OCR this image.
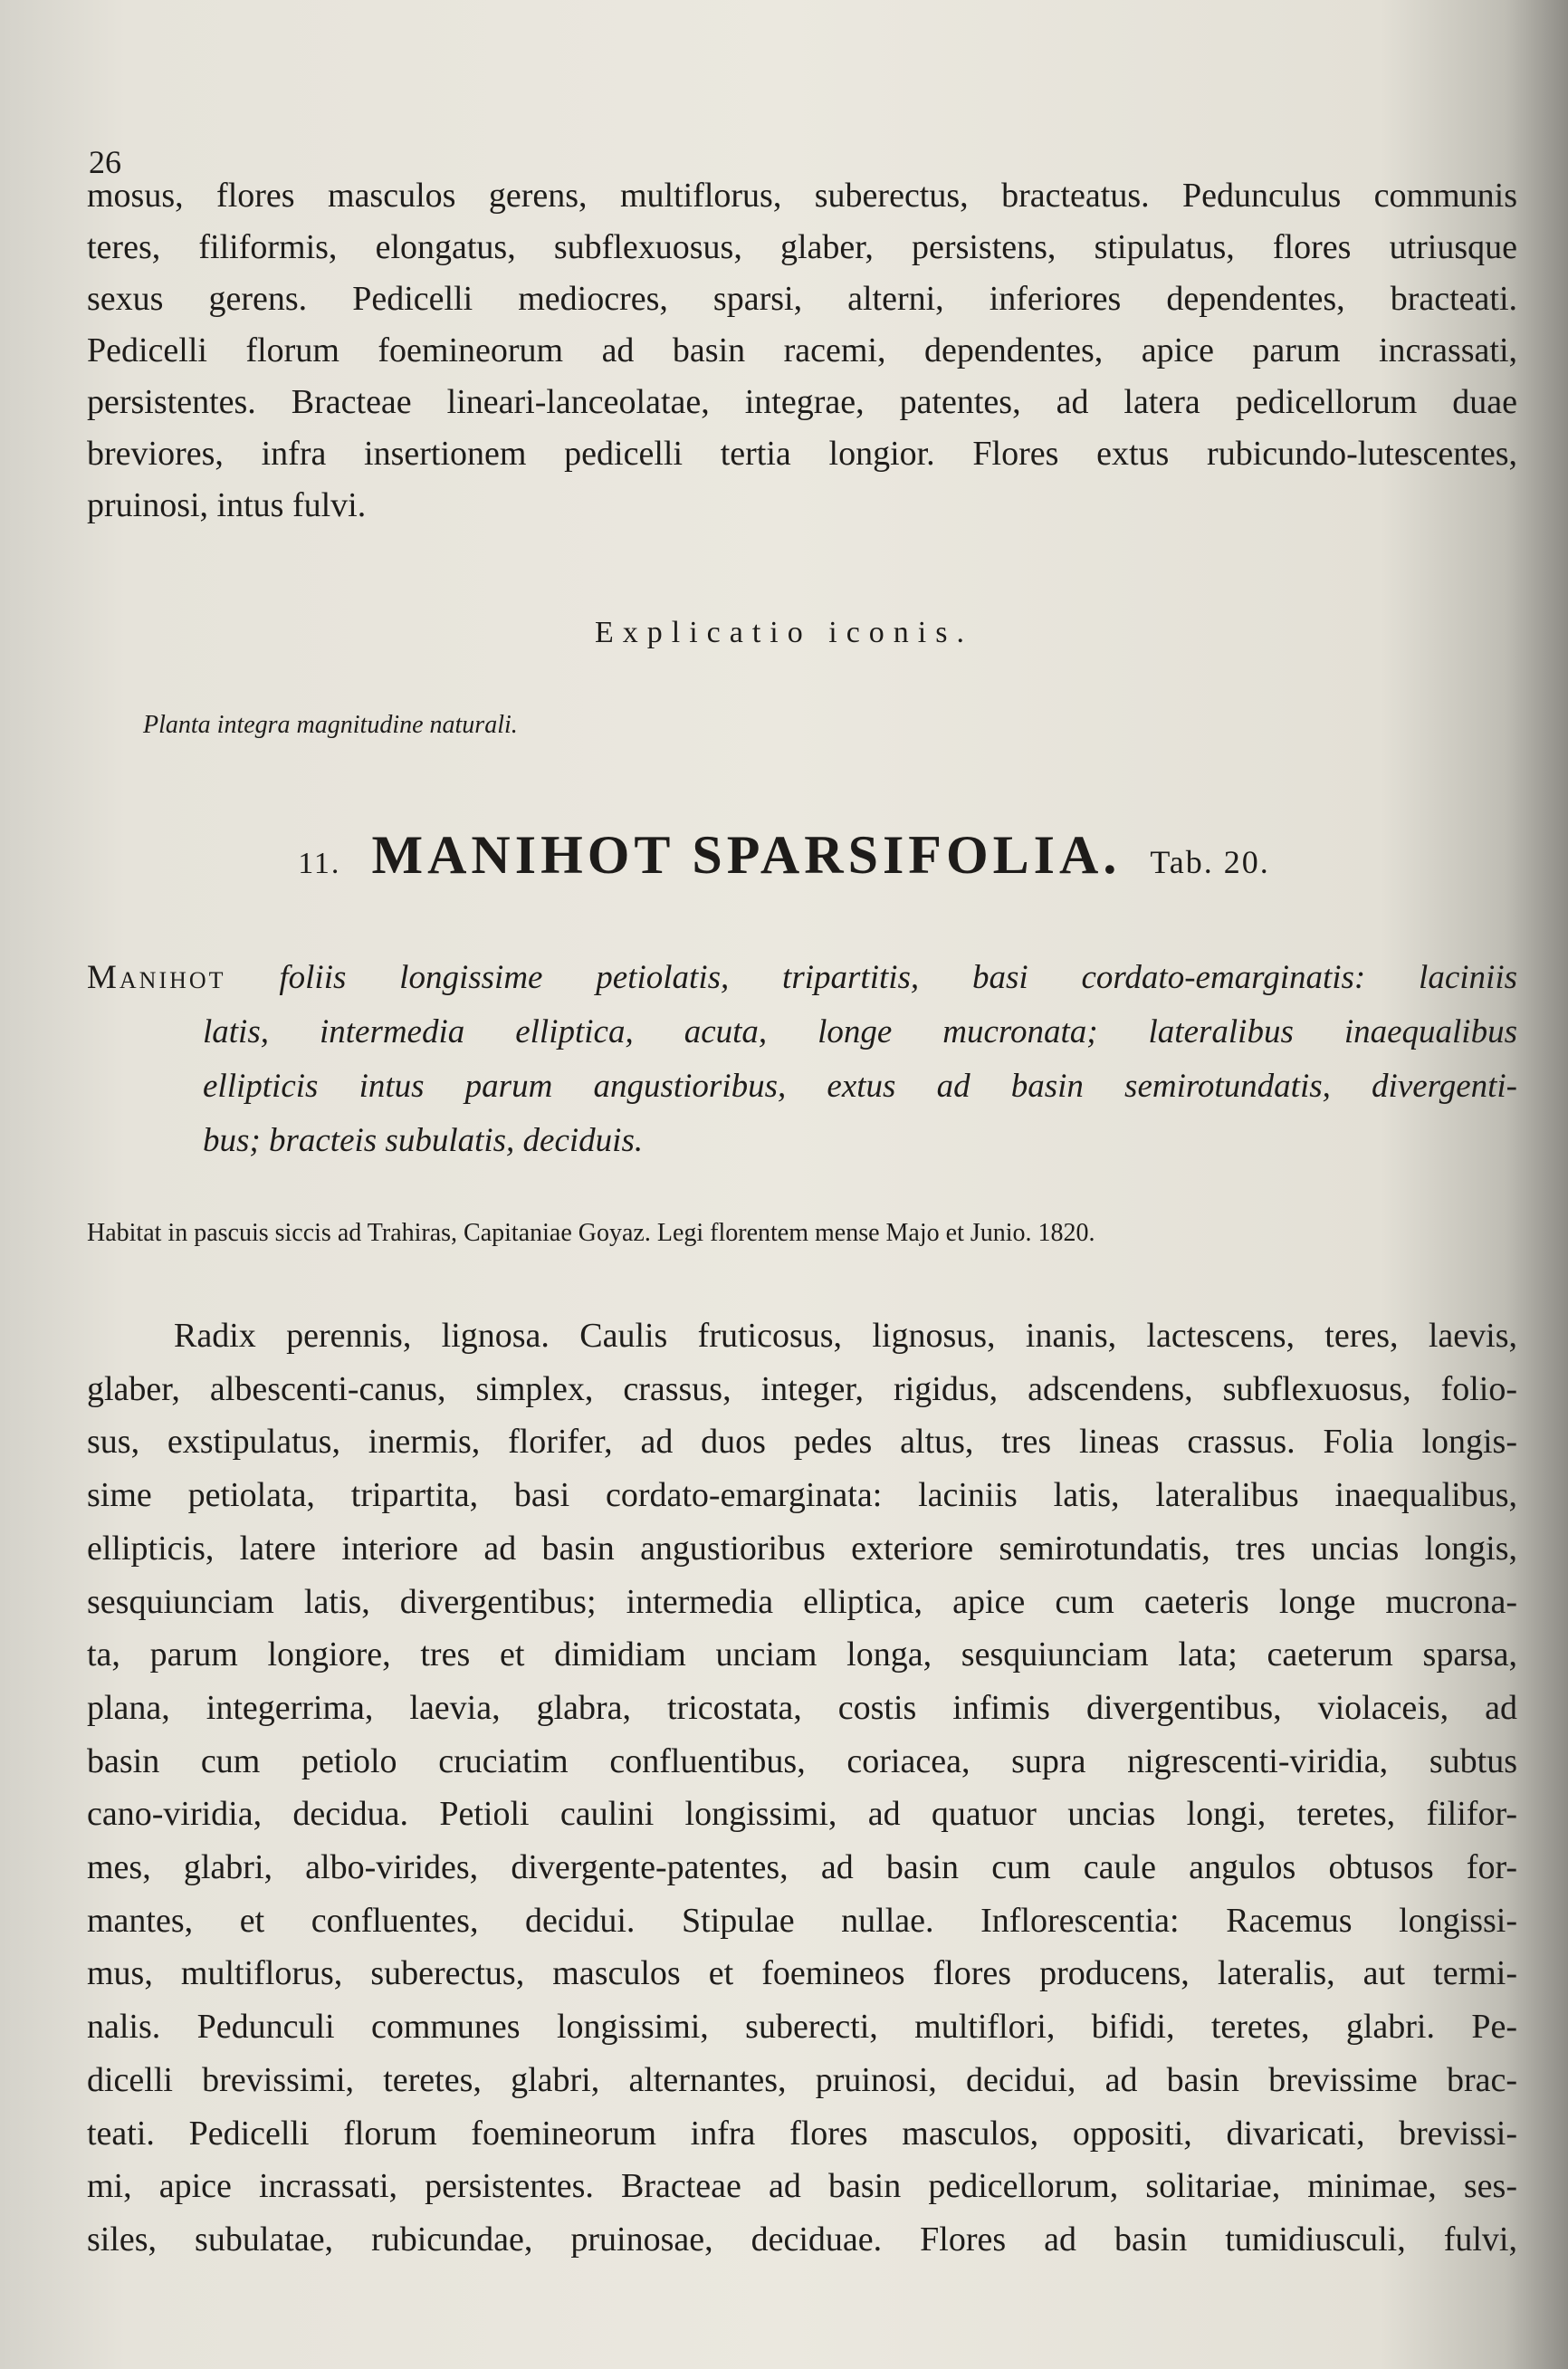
26
mosus, flores masculos gerens, multiflorus, suberectus, bracteatus. Pedunculus communis
teres, filiformis, elongatus, subflexuosus, glaber, persistens, stipulatus, flores utriusque
sexus gerens. Pedicelli mediocres, sparsi, alterni, inferiores dependentes, bracteati.
Pedicelli florum foemineorum ad basin racemi, dependentes, apice parum incrassati,
persistentes. Bracteae lineari-lanceolatae, integrae, patentes, ad latera pedicellorum duae
breviores, infra insertionem pedicelli tertia longior. Flores extus rubicundo-lutescentes,
pruinosi, intus fulvi.
Explicatio iconis.
Planta integra magnitudine naturali.
11. MANIHOT SPARSIFOLIA. Tab. 20.
Manihot foliis longissime petiolatis, tripartitis, basi cordato-emarginatis: laciniis
latis, intermedia elliptica, acuta, longe mucronata; lateralibus inaequalibus
ellipticis intus parum angustioribus, extus ad basin semirotundatis, divergenti-
bus; bracteis subulatis, deciduis.
Habitat in pascuis siccis ad Trahiras, Capitaniae Goyaz. Legi florentem mense Majo et Junio. 1820.
Radix perennis, lignosa. Caulis fruticosus, lignosus, inanis, lactescens, teres, laevis,
glaber, albescenti-canus, simplex, crassus, integer, rigidus, adscendens, subflexuosus, folio-
sus, exstipulatus, inermis, florifer, ad duos pedes altus, tres lineas crassus. Folia longis-
sime petiolata, tripartita, basi cordato-emarginata: laciniis latis, lateralibus inaequalibus,
ellipticis, latere interiore ad basin angustioribus exteriore semirotundatis, tres uncias longis,
sesquiunciam latis, divergentibus; intermedia elliptica, apice cum caeteris longe mucrona-
ta, parum longiore, tres et dimidiam unciam longa, sesquiunciam lata; caeterum sparsa,
plana, integerrima, laevia, glabra, tricostata, costis infimis divergentibus, violaceis, ad
basin cum petiolo cruciatim confluentibus, coriacea, supra nigrescenti-viridia, subtus
cano-viridia, decidua. Petioli caulini longissimi, ad quatuor uncias longi, teretes, filifor-
mes, glabri, albo-virides, divergente-patentes, ad basin cum caule angulos obtusos for-
mantes, et confluentes, decidui. Stipulae nullae. Inflorescentia: Racemus longissi-
mus, multiflorus, suberectus, masculos et foemineos flores producens, lateralis, aut termi-
nalis. Pedunculi communes longissimi, suberecti, multiflori, bifidi, teretes, glabri. Pe-
dicelli brevissimi, teretes, glabri, alternantes, pruinosi, decidui, ad basin brevissime brac-
teati. Pedicelli florum foemineorum infra flores masculos, oppositi, divaricati, brevissi-
mi, apice incrassati, persistentes. Bracteae ad basin pedicellorum, solitariae, minimae, ses-
siles, subulatae, rubicundae, pruinosae, deciduae. Flores ad basin tumidiusculi, fulvi,
